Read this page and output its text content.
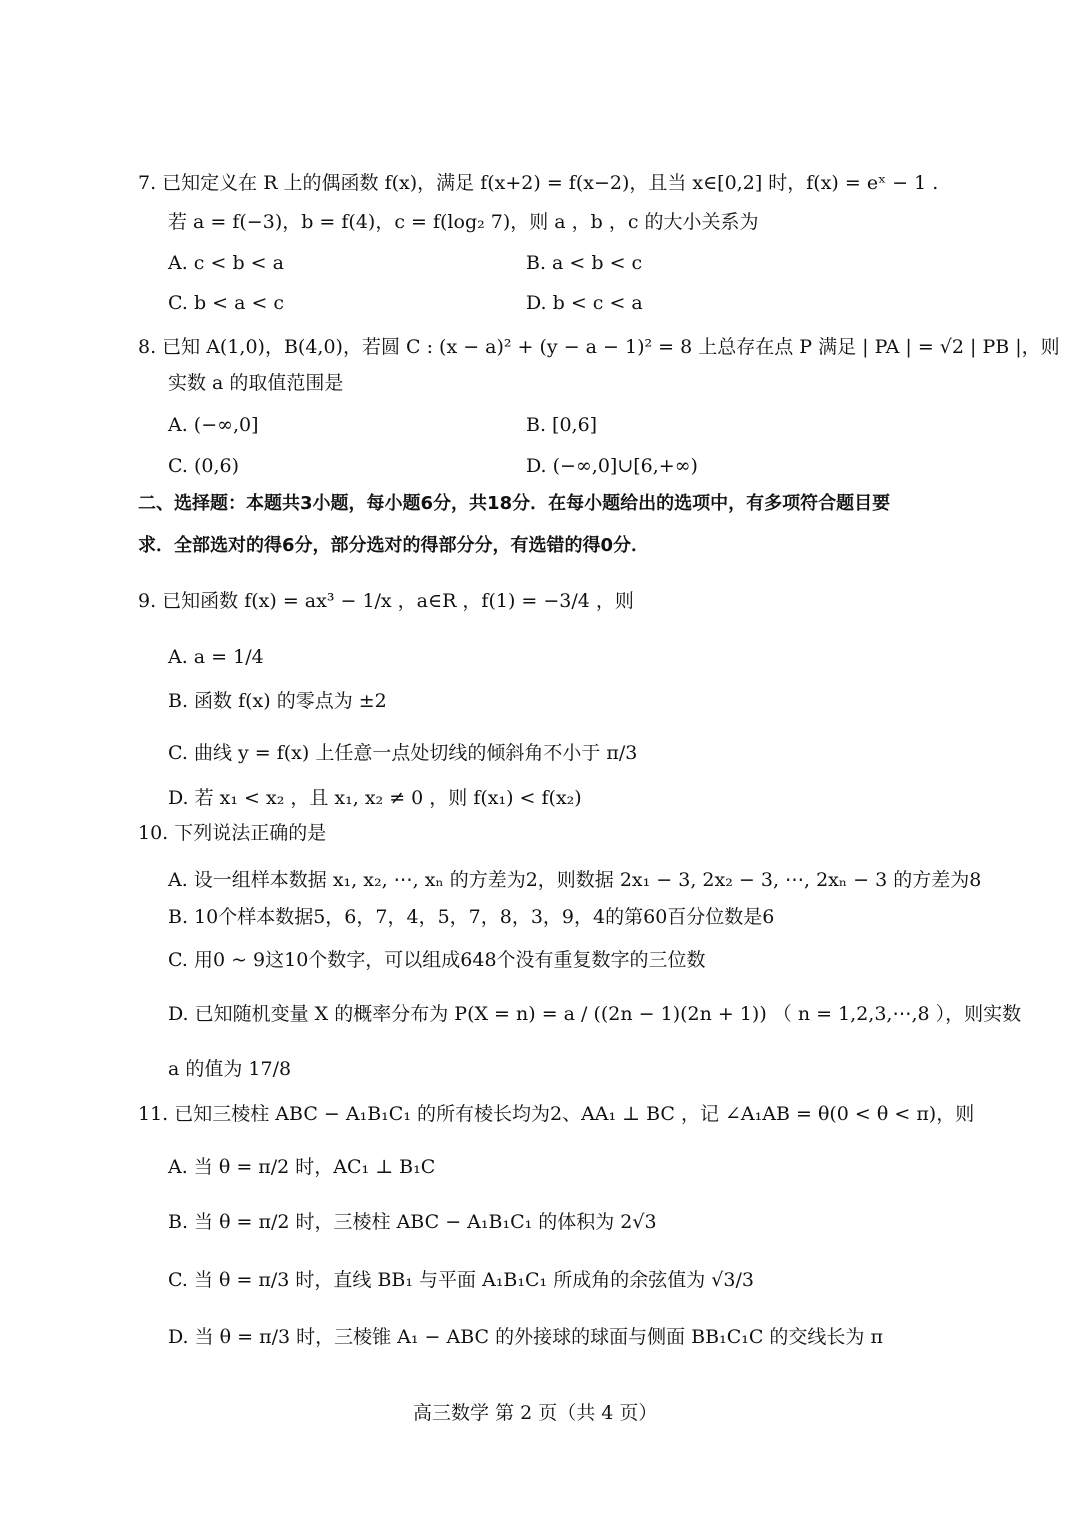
7. 已知定义在 R 上的偶函数 f(x)，满足 f(x+2) = f(x−2)，且当 x∈[0,2] 时，f(x) = eˣ − 1 .
若 a = f(−3)，b = f(4)，c = f(log₂ 7)，则 a ，b ，c 的大小关系为
A. c < b < a	B. a < b < c
C. b < a < c	D. b < c < a
8. 已知 A(1,0)，B(4,0)，若圆 C : (x − a)² + (y − a − 1)² = 8 上总存在点 P 满足 | PA | = √2 | PB |，则
实数 a 的取值范围是
A. (−∞,0]	B. [0,6]
C. (0,6)	D. (−∞,0]∪[6,+∞)
二、选择题：本题共3小题，每小题6分，共18分．在每小题给出的选项中，有多项符合题目要
求．全部选对的得6分，部分选对的得部分分，有选错的得0分．
9. 已知函数 f(x) = ax³ − 1/x ，a∈R ，f(1) = −3/4 ，则
A. a = 1/4
B. 函数 f(x) 的零点为 ±2
C. 曲线 y = f(x) 上任意一点处切线的倾斜角不小于 π/3
D. 若 x₁ < x₂ ，且 x₁, x₂ ≠ 0 ，则 f(x₁) < f(x₂)
10. 下列说法正确的是
A. 设一组样本数据 x₁, x₂, ⋯, xₙ 的方差为2，则数据 2x₁ − 3, 2x₂ − 3, ⋯, 2xₙ − 3 的方差为8
B. 10个样本数据5，6，7，4，5，7，8，3，9，4的第60百分位数是6
C. 用0 ~ 9这10个数字，可以组成648个没有重复数字的三位数
D. 已知随机变量 X 的概率分布为 P(X = n) = a / ((2n − 1)(2n + 1)) （ n = 1,2,3,⋯,8 ），则实数
a 的值为 17/8
11. 已知三棱柱 ABC − A₁B₁C₁ 的所有棱长均为2、AA₁ ⊥ BC ，记 ∠A₁AB = θ(0 < θ < π)，则
A. 当 θ = π/2 时，AC₁ ⊥ B₁C
B. 当 θ = π/2 时，三棱柱 ABC − A₁B₁C₁ 的体积为 2√3
C. 当 θ = π/3 时，直线 BB₁ 与平面 A₁B₁C₁ 所成角的余弦值为 √3/3
D. 当 θ = π/3 时，三棱锥 A₁ − ABC 的外接球的球面与侧面 BB₁C₁C 的交线长为 π
高三数学 第 2 页（共 4 页）
